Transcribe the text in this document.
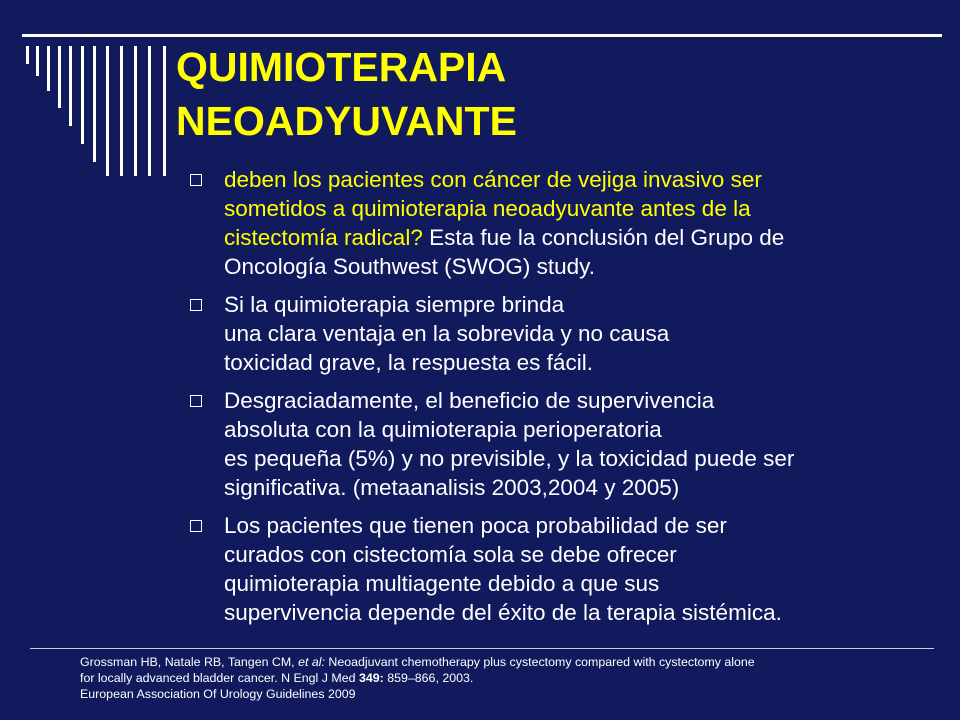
QUIMIOTERAPIA
NEOADYUVANTE
deben los pacientes con cáncer de vejiga invasivo ser
sometidos a quimioterapia neoadyuvante antes de la
cistectomía radical? Esta fue la conclusión del Grupo de
Oncología Southwest (SWOG) study.
Si la quimioterapia siempre brinda
una clara ventaja en la sobrevida y no causa
toxicidad grave, la respuesta es fácil.
Desgraciadamente, el beneficio de supervivencia
absoluta con la quimioterapia perioperatoria
es pequeña (5%) y no previsible, y la toxicidad puede ser
significativa. (metaanalisis 2003,2004 y 2005)
Los pacientes que tienen poca probabilidad de ser
curados con cistectomía sola se debe ofrecer
quimioterapia multiagente debido a que sus
supervivencia depende del éxito de la terapia sistémica.
Grossman HB, Natale RB, Tangen CM, et al: Neoadjuvant chemotherapy plus cystectomy compared with cystectomy alone
for locally advanced bladder cancer. N Engl J Med 349: 859–866, 2003.
European Association Of Urology Guidelines 2009
